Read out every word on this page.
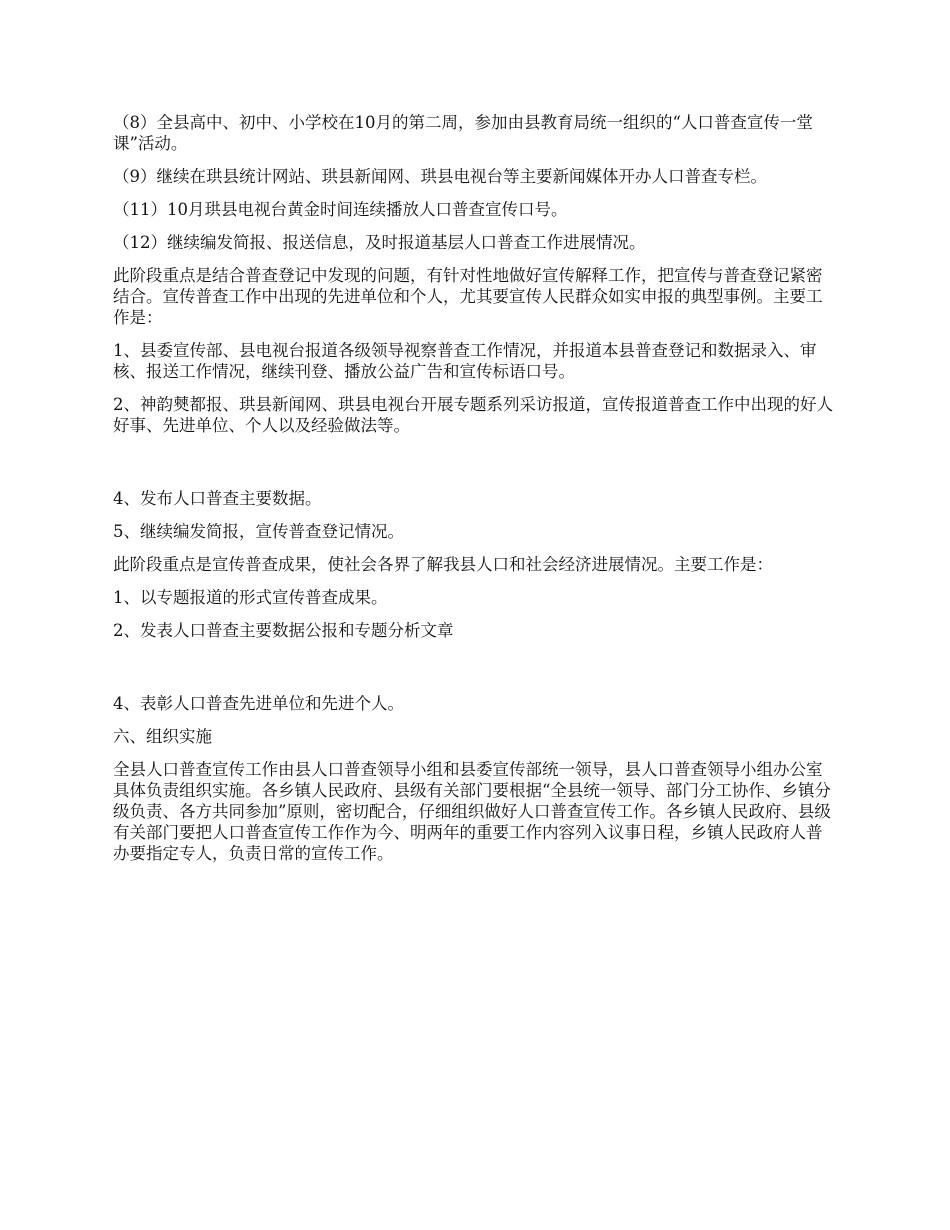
（8）全县高中、初中、小学校在10月的第二周，参加由县教育局统一组织的“人口普查宣传一堂课”活动。

（9）继续在珙县统计网站、珙县新闻网、珙县电视台等主要新闻媒体开办人口普查专栏。

（11）10月珙县电视台黄金时间连续播放人口普查宣传口号。

（12）继续编发简报、报送信息，及时报道基层人口普查工作进展情况。

此阶段重点是结合普查登记中发现的问题，有针对性地做好宣传解释工作，把宣传与普查登记紧密结合。宣传普查工作中出现的先进单位和个人，尤其要宣传人民群众如实申报的典型事例。主要工作是：

1、县委宣传部、县电视台报道各级领导视察普查工作情况，并报道本县普查登记和数据录入、审核、报送工作情况，继续刊登、播放公益广告和宣传标语口号。

2、神韵僰都报、珙县新闻网、珙县电视台开展专题系列采访报道，宣传报道普查工作中出现的好人好事、先进单位、个人以及经验做法等。

4、发布人口普查主要数据。

5、继续编发简报，宣传普查登记情况。

此阶段重点是宣传普查成果，使社会各界了解我县人口和社会经济进展情况。主要工作是：

1、以专题报道的形式宣传普查成果。

2、发表人口普查主要数据公报和专题分析文章

4、表彰人口普查先进单位和先进个人。

六、组织实施

全县人口普查宣传工作由县人口普查领导小组和县委宣传部统一领导，县人口普查领导小组办公室具体负责组织实施。各乡镇人民政府、县级有关部门要根据“全县统一领导、部门分工协作、乡镇分级负责、各方共同参加”原则，密切配合，仔细组织做好人口普查宣传工作。各乡镇人民政府、县级有关部门要把人口普查宣传工作作为今、明两年的重要工作内容列入议事日程，乡镇人民政府人普办要指定专人，负责日常的宣传工作。
